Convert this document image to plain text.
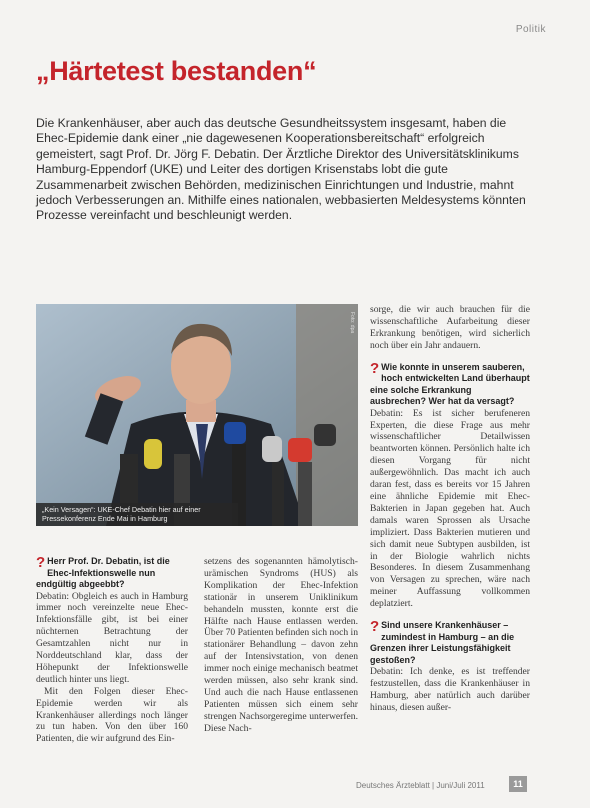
Politik
„Härtetest bestanden“

Die Krankenhäuser, aber auch das deutsche Gesundheitssystem insgesamt, haben die Ehec-Epidemie dank einer „nie dagewesenen Kooperationsbereitschaft“ erfolgreich gemeistert, sagt Prof. Dr. Jörg F. Debatin. Der Ärztliche Direktor des Universitätsklinikums Hamburg-Eppendorf (UKE) und Leiter des dortigen Krisenstabs lobt die gute Zusammenarbeit zwischen Behörden, medizinischen Einrichtungen und Industrie, mahnt jedoch Verbesserungen an. Mithilfe eines nationalen, webbasierten Meldesystems könnten Prozesse vereinfacht und beschleunigt werden.

Foto: dpa
„Kein Versagen“: UKE-Chef Debatin hier auf einer Pressekonferenz Ende Mai in Hamburg

? Herr Prof. Dr. Debatin, ist die Ehec-Infektionswelle nun endgültig abgeebbt?

Debatin: Obgleich es auch in Hamburg immer noch vereinzelte neue Ehec-Infektionsfälle gibt, ist bei einer nüchternen Betrachtung der Gesamtzahlen nicht nur in Norddeutschland klar, dass der Höhepunkt der Infektionswelle deutlich hinter uns liegt.

Mit den Folgen dieser Ehec-Epidemie werden wir als Krankenhäuser allerdings noch länger zu tun haben. Von den über 160 Patienten, die wir aufgrund des Ein-

setzens des sogenannten hämolytisch-urämischen Syndroms (HUS) als Komplikation der Ehec-Infektion stationär in unserem Uniklinikum behandeln mussten, konnte erst die Hälfte nach Hause entlassen werden. Über 70 Patienten befinden sich noch in stationärer Behandlung – davon zehn auf der Intensivstation, von denen immer noch einige mechanisch beatmet werden müssen, also sehr krank sind. Und auch die nach Hause entlassenen Patienten müssen sich einem sehr strengen Nachsorgeregime unterwerfen. Diese Nach-

sorge, die wir auch brauchen für die wissenschaftliche Aufarbeitung dieser Erkrankung benötigen, wird sicherlich noch über ein Jahr andauern.

? Wie konnte in unserem sauberen, hoch entwickelten Land überhaupt eine solche Erkrankung ausbrechen? Wer hat da versagt?

Debatin: Es ist sicher berufeneren Experten, die diese Frage aus mehr wissenschaftlicher Detailwissen beantworten können. Persönlich halte ich diesen Vorgang für nicht außergewöhnlich. Das macht ich auch daran fest, dass es bereits vor 15 Jahren eine ähnliche Epidemie mit Ehec-Bakterien in Japan gegeben hat. Auch damals waren Sprossen als Ursache impliziert. Dass Bakterien mutieren und sich damit neue Subtypen ausbilden, ist in der Biologie wahrlich nichts Besonderes. In diesem Zusammenhang von Versagen zu sprechen, wäre nach meiner Auffassung vollkommen deplatziert.

? Sind unsere Krankenhäuser – zumindest in Hamburg – an die Grenzen ihrer Leistungsfähigkeit gestoßen?

Debatin: Ich denke, es ist treffender festzustellen, dass die Krankenhäuser in Hamburg, aber natürlich auch darüber hinaus, diesen außer-

Deutsches Ärzteblatt | Juni/Juli 2011	11
